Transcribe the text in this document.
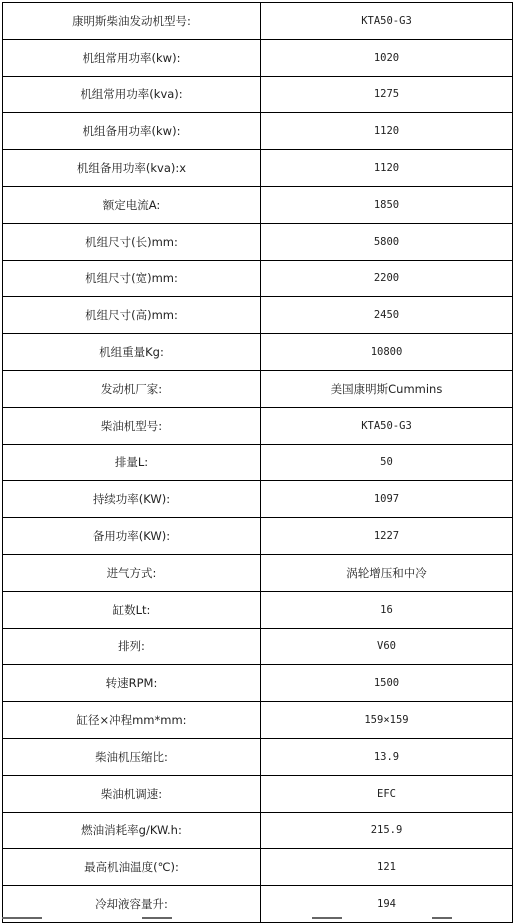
康明斯柴油发动机型号:	KTA50-G3
机组常用功率(kw):	1020
机组常用功率(kva):	1275
机组备用功率(kw):	1120
机组备用功率(kva):x	1120
额定电流A:	1850
机组尺寸(长)mm:	5800
机组尺寸(宽)mm:	2200
机组尺寸(高)mm:	2450
机组重量Kg:	10800
发动机厂家:	美国康明斯Cummins
柴油机型号:	KTA50-G3
排量L:	50
持续功率(KW):	1097
备用功率(KW):	1227
进气方式:	涡轮增压和中冷
缸数Lt:	16
排列:	V60
转速RPM:	1500
缸径×冲程mm*mm:	159×159
柴油机压缩比:	13.9
柴油机调速:	EFC
燃油消耗率g/KW.h:	215.9
最高机油温度(℃):	121
冷却液容量升:	194
